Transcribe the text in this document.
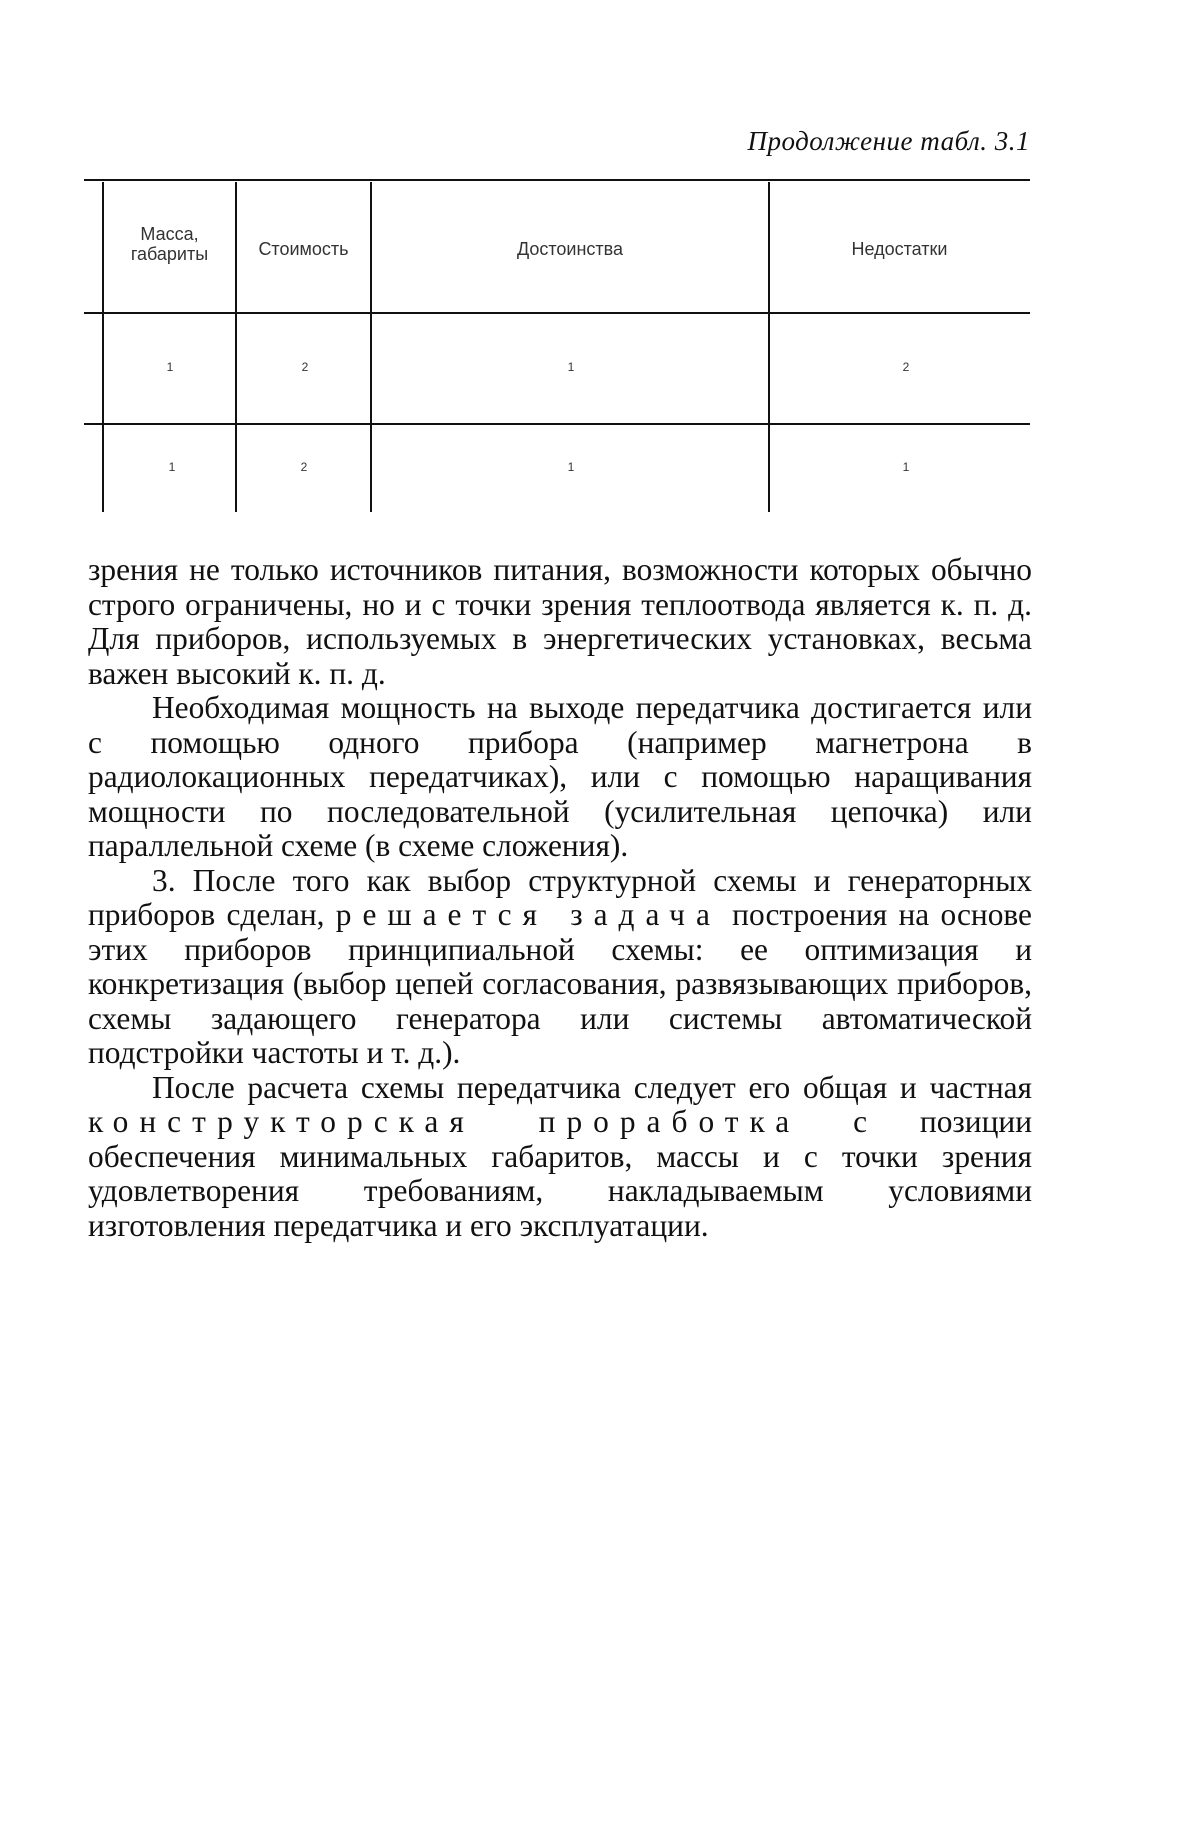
Продолжение табл. 3.1
Масса, габариты	Стоимость	Достоинства	Недостатки
1	2	1	2
1	2	1	1

зрения не только источников питания, возможности которых обычно строго ограничены, но и с точки зрения теплоотвода является к. п. д. Для приборов, используемых в энергетических установках, весьма важен высокий к. п. д.

Необходимая мощность на выходе передатчика достигается или с помощью одного прибора (например магнетрона в радиолокационных передатчиках), или с помощью наращивания мощности по последовательной (усилительная цепочка) или параллельной схеме (в схеме сложения).

3. После того как выбор структурной схемы и генераторных приборов сделан, решается задача построения на основе этих приборов принципиальной схемы: ее оптимизация и конкретизация (выбор цепей согласования, развязывающих приборов, схемы задающего генератора или системы автоматической подстройки частоты и т. д.).

После расчета схемы передатчика следует его общая и частная конструкторская проработка с позиции обеспечения минимальных габаритов, массы и с точки зрения удовлетворения требованиям, накладываемым условиями изготовления передатчика и его эксплуатации.
